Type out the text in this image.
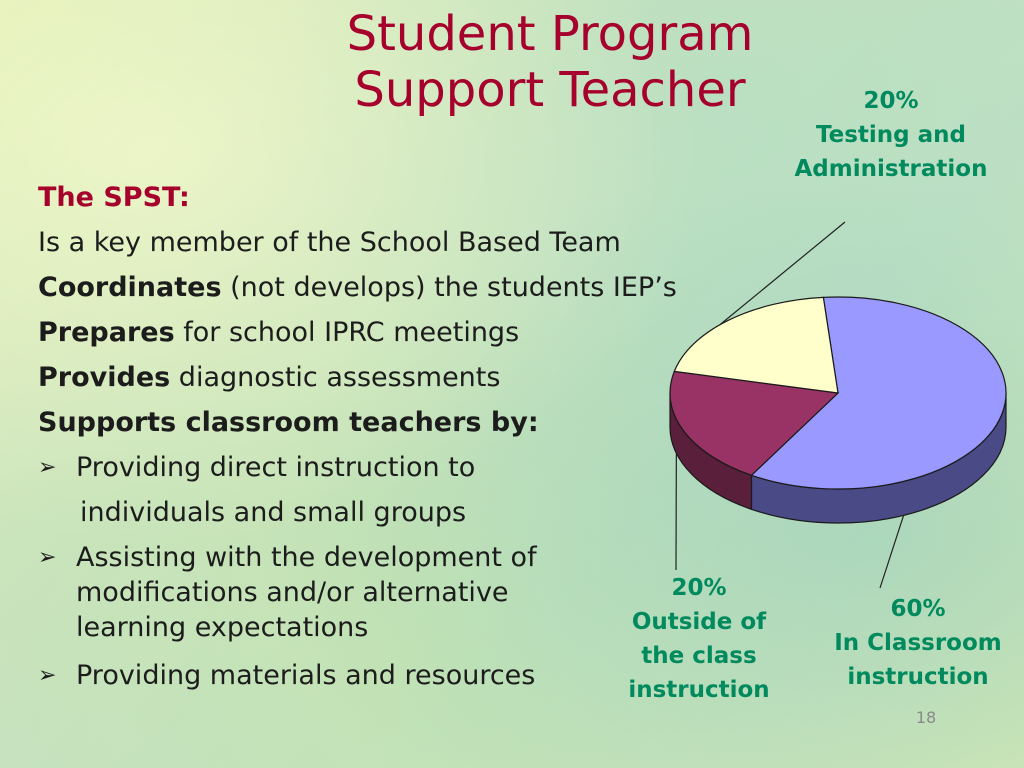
Student Program
Support Teacher
The SPST:
Is a key member of the School Based Team
Coordinates (not develops) the students IEP’s
Prepares for school IPRC meetings
Provides diagnostic assessments
Supports classroom teachers by:
➢ Providing direct instruction to
individuals and small groups
➢ Assisting with the development of
modifications and/or alternative
learning expectations
➢ Providing materials and resources
20%
Testing and
Administration
20%
Outside of
the class
instruction
60%
In Classroom
instruction
18
